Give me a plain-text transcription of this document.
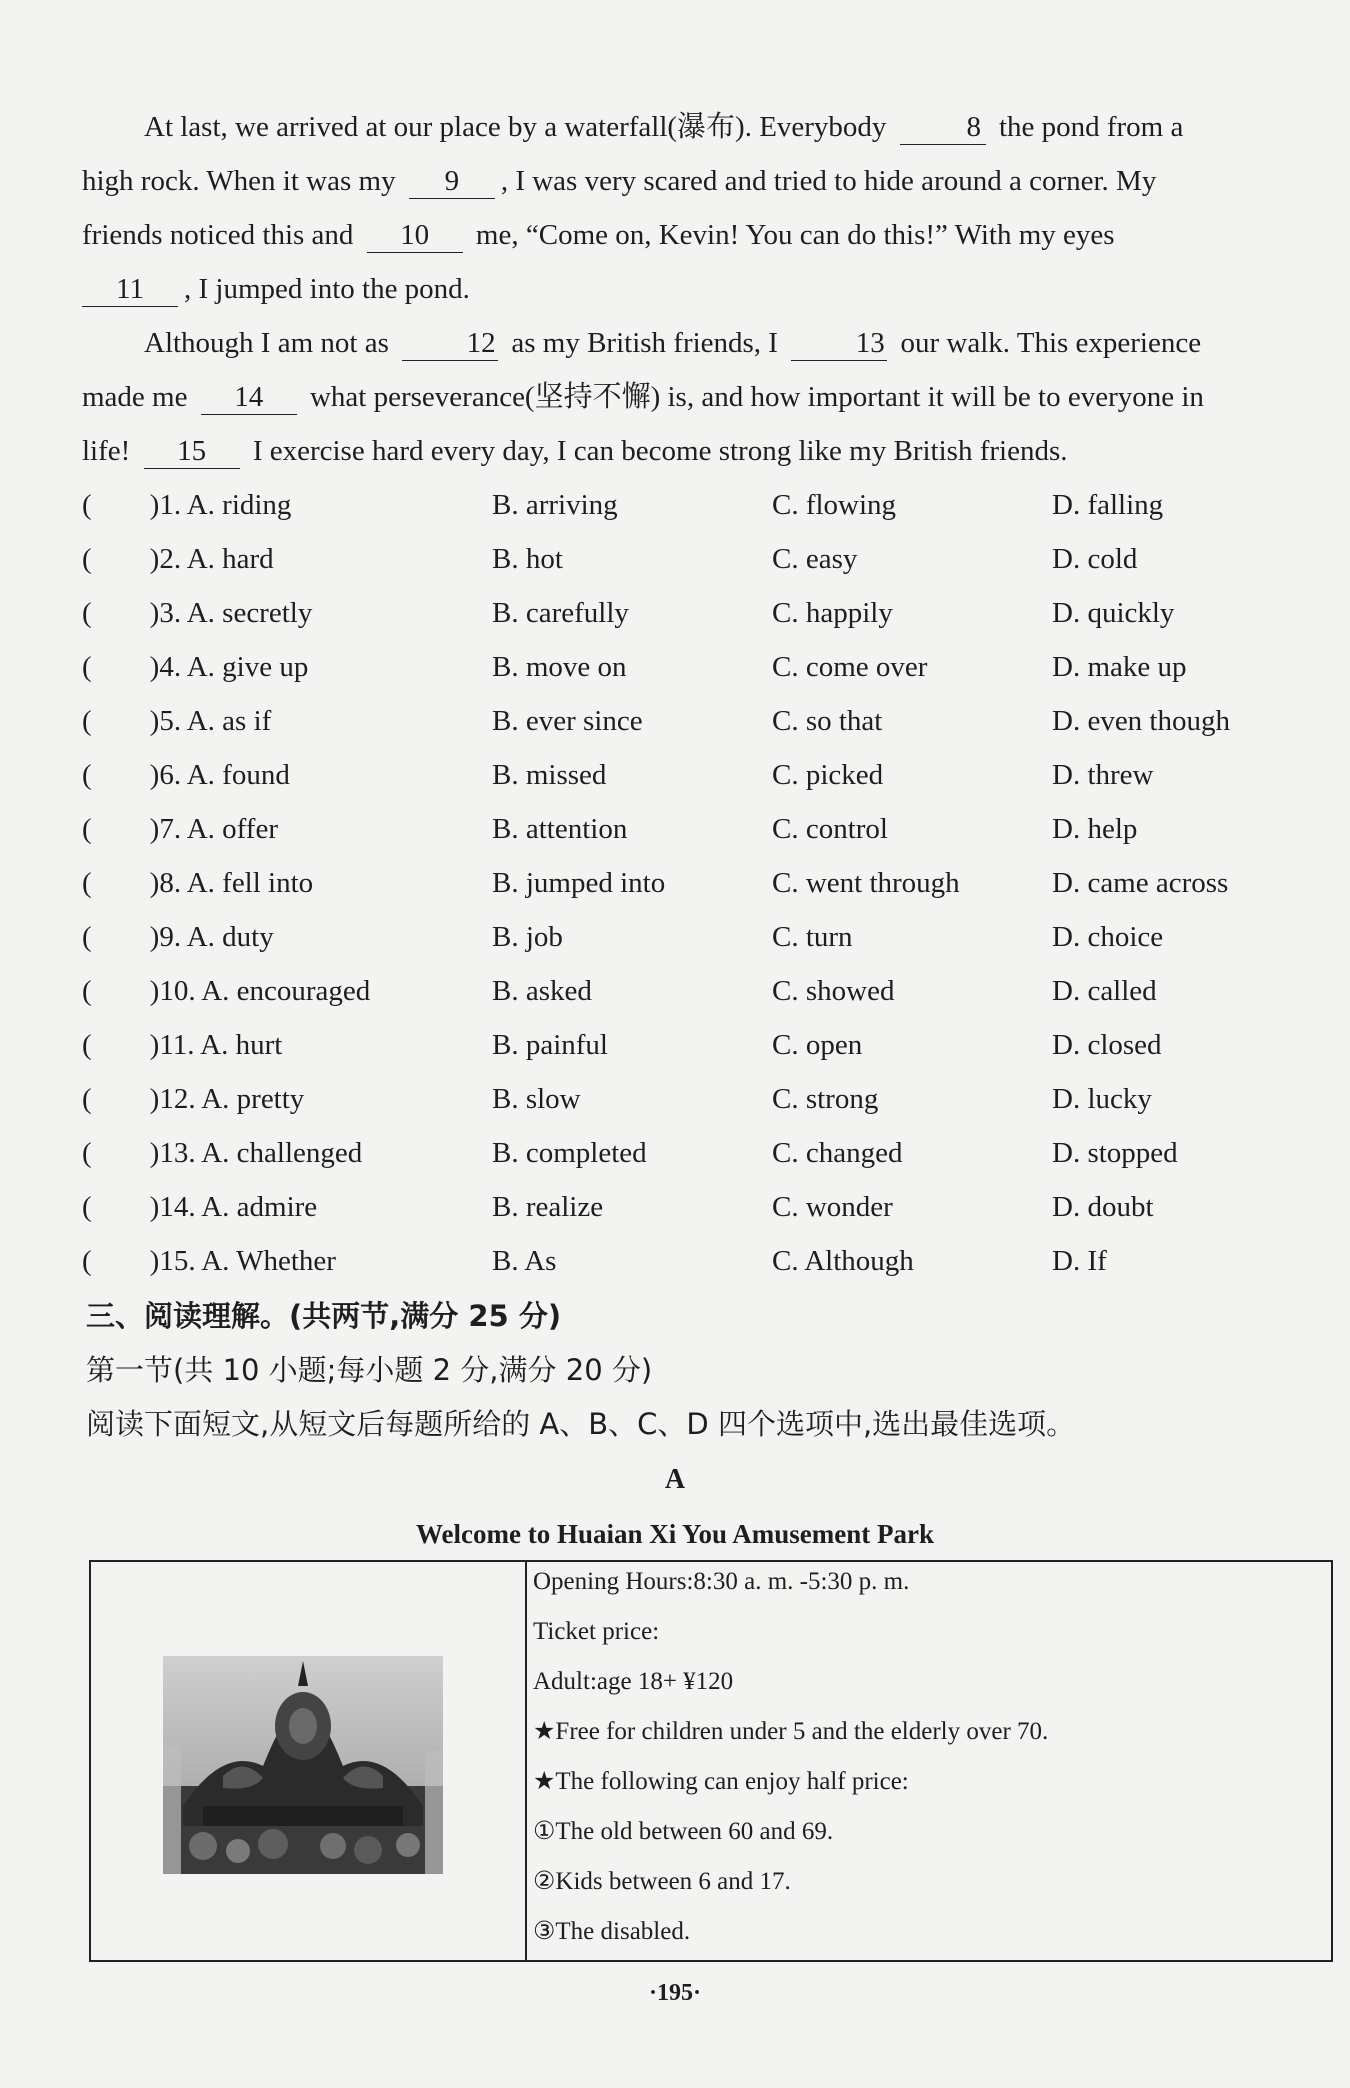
At last, we arrived at our place by a waterfall(瀑布). Everybody	8 the pond from a
high rock. When it was my 9 , I was very scared and tried to hide around a corner. My
friends noticed this and 10 me, “Come on, Kevin! You can do this!” With my eyes
11 , I jumped into the pond.
Although I am not as	12 as my British friends, I	13 our walk. This experience
made me 14 what perseverance(坚持不懈) is, and how important it will be to everyone in
life! 15 I exercise hard every day, I can become strong like my British friends.
(  )1. A. riding	B. arriving	C. flowing	D. falling
(  )2. A. hard	B. hot	C. easy	D. cold
(  )3. A. secretly	B. carefully	C. happily	D. quickly
(  )4. A. give up	B. move on	C. come over	D. make up
(  )5. A. as if	B. ever since	C. so that	D. even though
(  )6. A. found	B. missed	C. picked	D. threw
(  )7. A. offer	B. attention	C. control	D. help
(  )8. A. fell into	B. jumped into	C. went through	D. came across
(  )9. A. duty	B. job	C. turn	D. choice
(  )10. A. encouraged	B. asked	C. showed	D. called
(  )11. A. hurt	B. painful	C. open	D. closed
(  )12. A. pretty	B. slow	C. strong	D. lucky
(  )13. A. challenged	B. completed	C. changed	D. stopped
(  )14. A. admire	B. realize	C. wonder	D. doubt
(  )15. A. Whether	B. As	C. Although	D. If
三、阅读理解。(共两节,满分 25 分)
第一节(共 10 小题;每小题 2 分,满分 20 分)
阅读下面短文,从短文后每题所给的 A、B、C、D 四个选项中,选出最佳选项。
A
Welcome to Huaian Xi You Amusement Park
Opening Hours:8:30 a. m. -5:30 p. m.
Ticket price:
Adult:age 18+ ¥120
★Free for children under 5 and the elderly over 70.
★The following can enjoy half price:
①The old between 60 and 69.
②Kids between 6 and 17.
③The disabled.
·195·
